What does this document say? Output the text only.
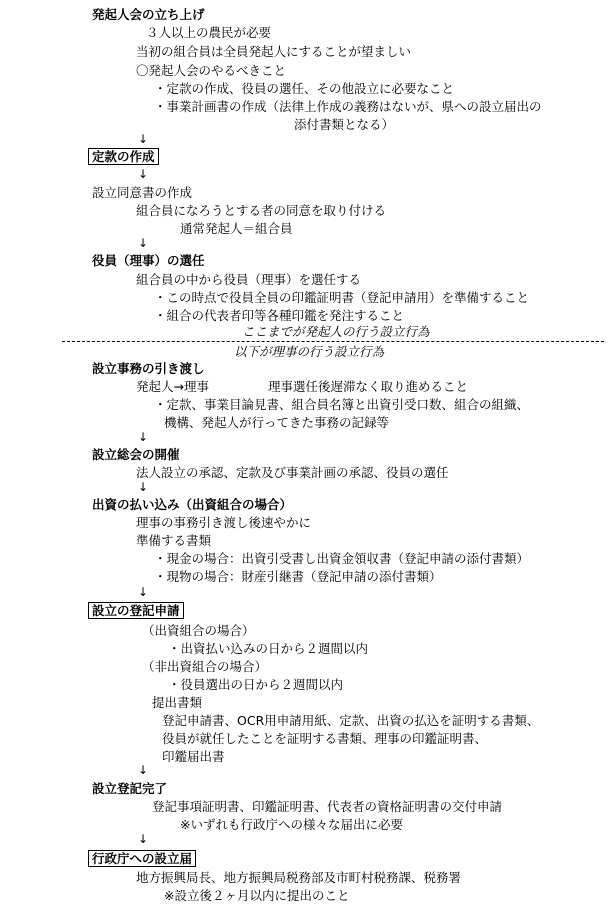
発起人会の立ち上げ
３人以上の農民が必要
当初の組合員は全員発起人にすることが望ましい
〇発起人会のやるべきこと
・定款の作成、役員の選任、その他設立に必要なこと
・事業計画書の作成（法律上作成の義務はないが、県への設立届出の
添付書類となる）
↓
定款の作成
↓
設立同意書の作成
組合員になろうとする者の同意を取り付ける
通常発起人＝組合員
↓
役員（理事）の選任
組合員の中から役員（理事）を選任する
・この時点で役員全員の印鑑証明書（登記申請用）を準備すること
・組合の代表者印等各種印鑑を発注すること
ここまでが発起人の行う設立行為
以下が理事の行う設立行為
設立事務の引き渡し
発起人→理事	理事選任後遅滞なく取り進めること
・定款、事業目論見書、組合員名簿と出資引受口数、組合の組織、
機構、発起人が行ってきた事務の記録等
↓
設立総会の開催
法人設立の承認、定款及び事業計画の承認、役員の選任
↓
出資の払い込み（出資組合の場合）
理事の事務引き渡し後速やかに
準備する書類
・現金の場合：出資引受書し出資金領収書（登記申請の添付書類）
・現物の場合：財産引継書（登記申請の添付書類）
↓
設立の登記申請
（出資組合の場合）
・出資払い込みの日から２週間以内
（非出資組合の場合）
・役員選出の日から２週間以内
提出書類
登記申請書、OCR用申請用紙、定款、出資の払込を証明する書類、
役員が就任したことを証明する書類、理事の印鑑証明書、
印鑑届出書
↓
設立登記完了
登記事項証明書、印鑑証明書、代表者の資格証明書の交付申請
※いずれも行政庁への様々な届出に必要
↓
行政庁への設立届
地方振興局長、地方振興局税務部及市町村税務課、税務署
※設立後２ヶ月以内に提出のこと
